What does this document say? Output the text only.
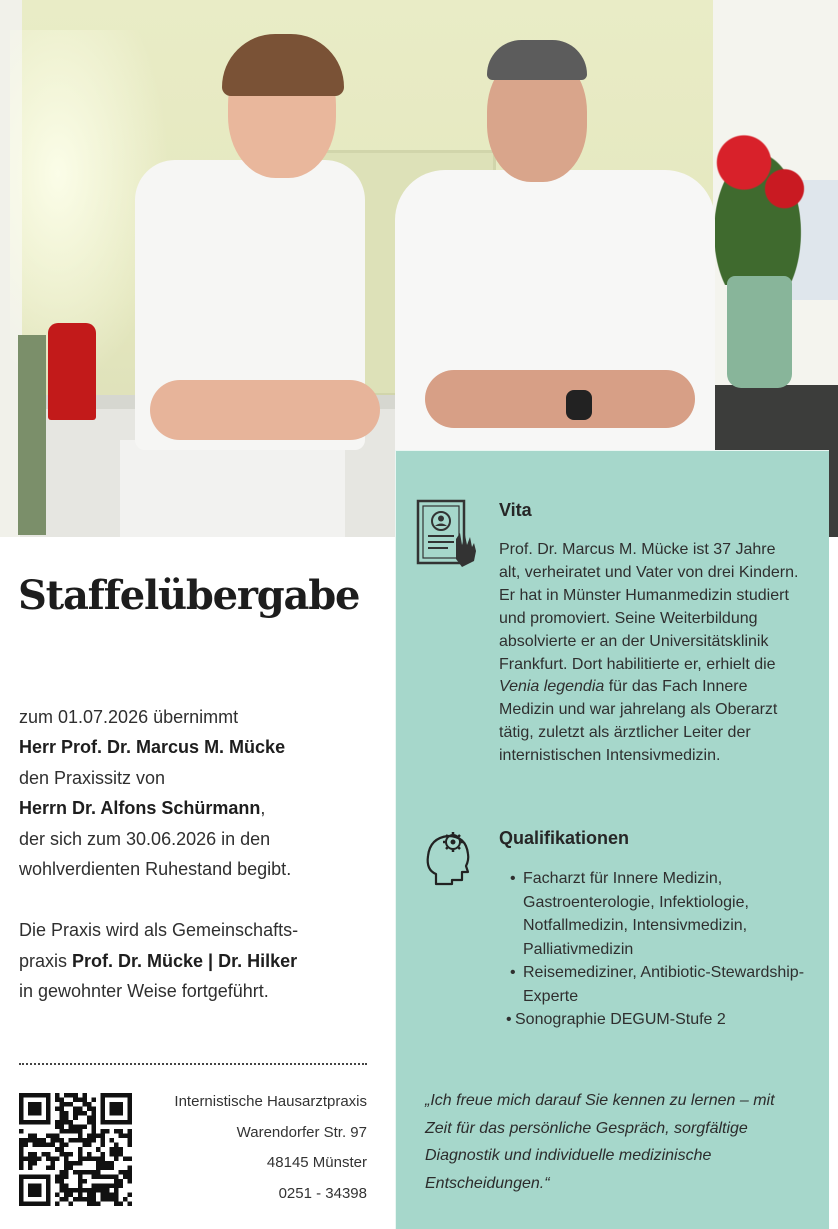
Staffelübergabe

zum 01.07.2026 übernimmt

Herr Prof. Dr. Marcus M. Mücke

den Praxissitz von

Herrn Dr. Alfons Schürmann,

der sich zum 30.06.2026 in den

wohlverdienten Ruhestand begibt.

Die Praxis wird als Gemeinschafts-

praxis Prof. Dr. Mücke | Dr. Hilker

in gewohnter Weise fortgeführt.

Internistische Hausarztpraxis
Warendorfer Str. 97
48145 Münster
0251 - 34398
Vita

Prof. Dr. Marcus M. Mücke ist 37 Jahre alt, verheiratet und Vater von drei Kindern. Er hat in Münster Humanmedizin studiert und promoviert. Seine Weiterbildung absolvierte er an der Universitätsklinik Frankfurt. Dort habilitierte er, erhielt die Venia legendia für das Fach Innere Medizin und war jahrelang als Oberarzt tätig, zuletzt als ärztlicher Leiter der internistischen Intensivmedizin.

Qualifikationen
• Facharzt für Innere Medizin, Gastroenterologie, Infektiologie, Notfallmedizin, Intensivmedizin, Palliativmedizin
• Reisemediziner, Antibiotic-Stewardship-Experte
• Sonographie DEGUM-Stufe 2

„Ich freue mich darauf Sie kennen zu lernen – mit Zeit für das persönliche Gespräch, sorgfältige Diagnostik und individuelle medizinische Entscheidungen.“
